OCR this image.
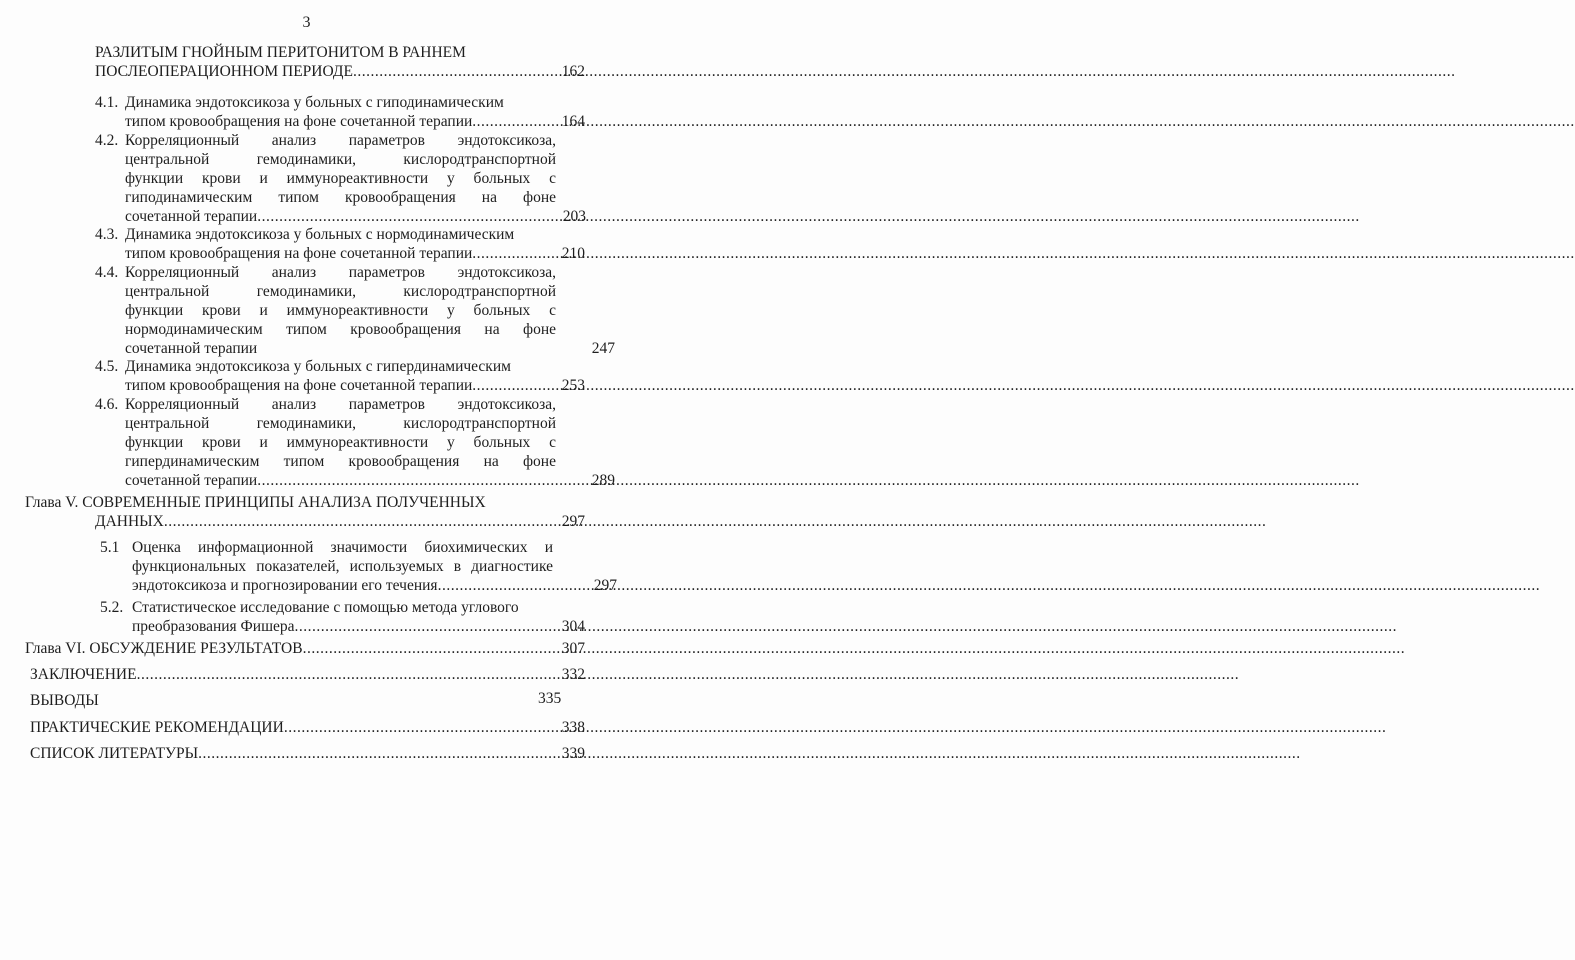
3
РАЗЛИТЫМ ГНОЙНЫМ ПЕРИТОНИТОМ В РАННЕМ
ПОСЛЕОПЕРАЦИОННОМ ПЕРИОДЕ .....	162
4.1. Динамика эндотоксикоза у больных с гиподинамическим
типом кровообращения на фоне сочетанной терапии .....	164
4.2. Корреляционный анализ параметров эндотоксикоза,
центральной гемодинамики, кислородтранспортной
функции крови и иммунореактивности у больных с
гиподинамическим типом кровообращения на фоне
сочетанной терапии .....	203
4.3. Динамика эндотоксикоза у больных с нормодинамическим
типом кровообращения на фоне сочетанной терапии .....	210
4.4. Корреляционный анализ параметров эндотоксикоза,
центральной гемодинамики, кислородтранспортной
функции крови и иммунореактивности у больных с
нормодинамическим типом кровообращения на фоне
сочетанной терапии	247
4.5. Динамика эндотоксикоза у больных с гипердинамическим
типом кровообращения на фоне сочетанной терапии .....	253
4.6. Корреляционный анализ параметров эндотоксикоза,
центральной гемодинамики, кислородтранспортной
функции крови и иммунореактивности у больных с
гипердинамическим типом кровообращения на фоне
сочетанной терапии .....	289
Глава V. СОВРЕМЕННЫЕ ПРИНЦИПЫ АНАЛИЗА ПОЛУЧЕННЫХ
ДАННЫХ .....	297
5.1 Оценка информационной значимости биохимических и
функциональных показателей, используемых в диагностике
эндотоксикоза и прогнозировании его течения .....	297
5.2. Статистическое исследование с помощью метода углового
преобразования Фишера .....	304
Глава VI. ОБСУЖДЕНИЕ РЕЗУЛЬТАТОВ .....	307
ЗАКЛЮЧЕНИЕ .....	332
ВЫВОДЫ	335
ПРАКТИЧЕСКИЕ РЕКОМЕНДАЦИИ .....	338
СПИСОК ЛИТЕРАТУРЫ .....	339
